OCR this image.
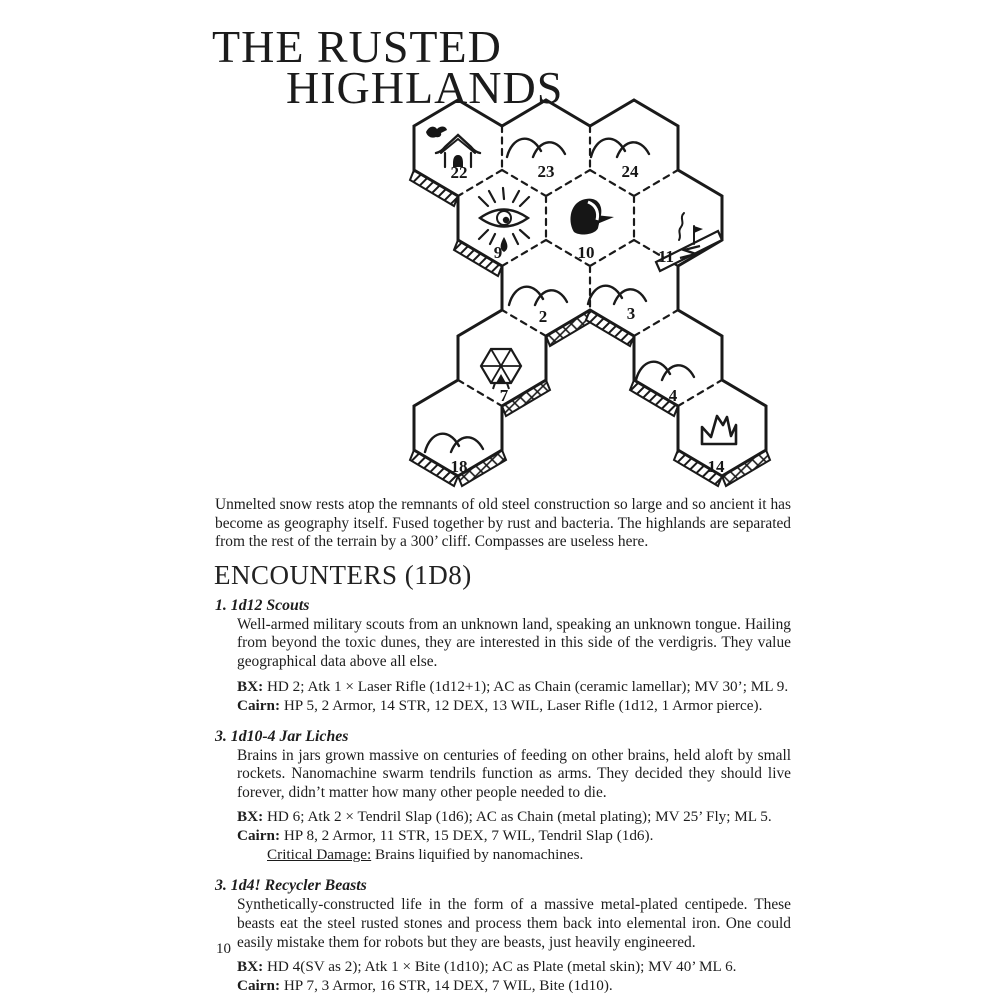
THE RUSTED
HIGHLANDS
22	23	24
9	10	11
2	3
7	4
18	14

Unmelted snow rests atop the remnants of old steel construction so large and so ancient it has become as geography itself. Fused together by rust and bacteria. The highlands are separated from the rest of the terrain by a 300’ cliff. Compasses are useless here.

ENCOUNTERS (1D8)
1. 1d12 Scouts

Well-armed military scouts from an unknown land, speaking an unknown tongue. Hailing from beyond the toxic dunes, they are interested in this side of the verdigris. They value geographical data above all else.

BX: HD 2; Atk 1 × Laser Rifle (1d12+1); AC as Chain (ceramic lamellar); MV 30’; ML 9.

Cairn: HP 5, 2 Armor, 14 STR, 12 DEX, 13 WIL, Laser Rifle (1d12, 1 Armor pierce).

3. 1d10-4 Jar Liches

Brains in jars grown massive on centuries of feeding on other brains, held aloft by small rockets. Nanomachine swarm tendrils function as arms. They decided they should live forever, didn’t matter how many other people needed to die.

BX: HD 6; Atk 2 × Tendril Slap (1d6); AC as Chain (metal plating); MV 25’ Fly; ML 5.

Cairn: HP 8, 2 Armor, 11 STR, 15 DEX, 7 WIL, Tendril Slap (1d6).

Critical Damage: Brains liquified by nanomachines.

3. 1d4! Recycler Beasts

Synthetically-constructed life in the form of a massive metal-plated centipede. These beasts eat the steel rusted stones and process them back into elemental iron. One could easily mistake them for robots but they are beasts, just heavily engineered.

BX: HD 4(SV as 2); Atk 1 × Bite (1d10); AC as Plate (metal skin); MV 40’ ML 6.

Cairn: HP 7, 3 Armor, 16 STR, 14 DEX, 7 WIL, Bite (1d10).

10
